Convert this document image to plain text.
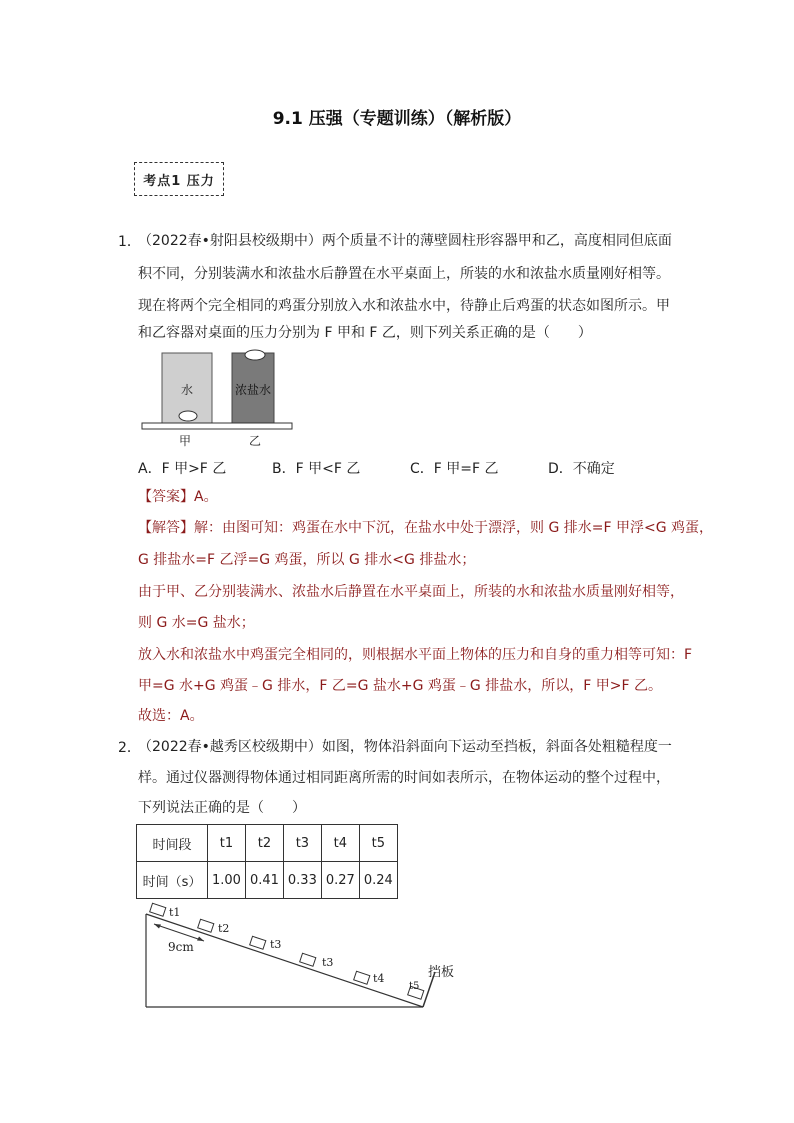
9.1 压强（专题训练）（解析版）
考点1 压力
1．
（2022春•射阳县校级期中）两个质量不计的薄壁圆柱形容器甲和乙，高度相同但底面
积不同，分别装满水和浓盐水后静置在水平桌面上，所装的水和浓盐水质量刚好相等。
现在将两个完全相同的鸡蛋分别放入水和浓盐水中，待静止后鸡蛋的状态如图所示。甲
和乙容器对桌面的压力分别为 F 甲和 F 乙，则下列关系正确的是（　　）
水	浓盐水
甲	乙
A．F 甲>F 乙	B．F 甲<F 乙	C．F 甲=F 乙	D．不确定
【答案】A。
【解答】解：由图可知：鸡蛋在水中下沉，在盐水中处于漂浮，则 G 排水=F 甲浮<G 鸡蛋，
G 排盐水=F 乙浮=G 鸡蛋，所以 G 排水<G 排盐水；
由于甲、乙分别装满水、浓盐水后静置在水平桌面上，所装的水和浓盐水质量刚好相等，
则 G 水=G 盐水；
放入水和浓盐水中鸡蛋完全相同的，则根据水平面上物体的压力和自身的重力相等可知：F
甲=G 水+G 鸡蛋﹣G 排水，F 乙=G 盐水+G 鸡蛋﹣G 排盐水，所以，F 甲>F 乙。
故选：A。
2．
（2022春•越秀区校级期中）如图，物体沿斜面向下运动至挡板，斜面各处粗糙程度一
样。通过仪器测得物体通过相同距离所需的时间如表所示，在物体运动的整个过程中，
下列说法正确的是（　　）
时间段	t1	t2	t3	t4	t5
时间（s）	1.00	0.41	0.33	0.27	0.24
t1
t2
t3
t3
t4
t5
9cm
挡板
